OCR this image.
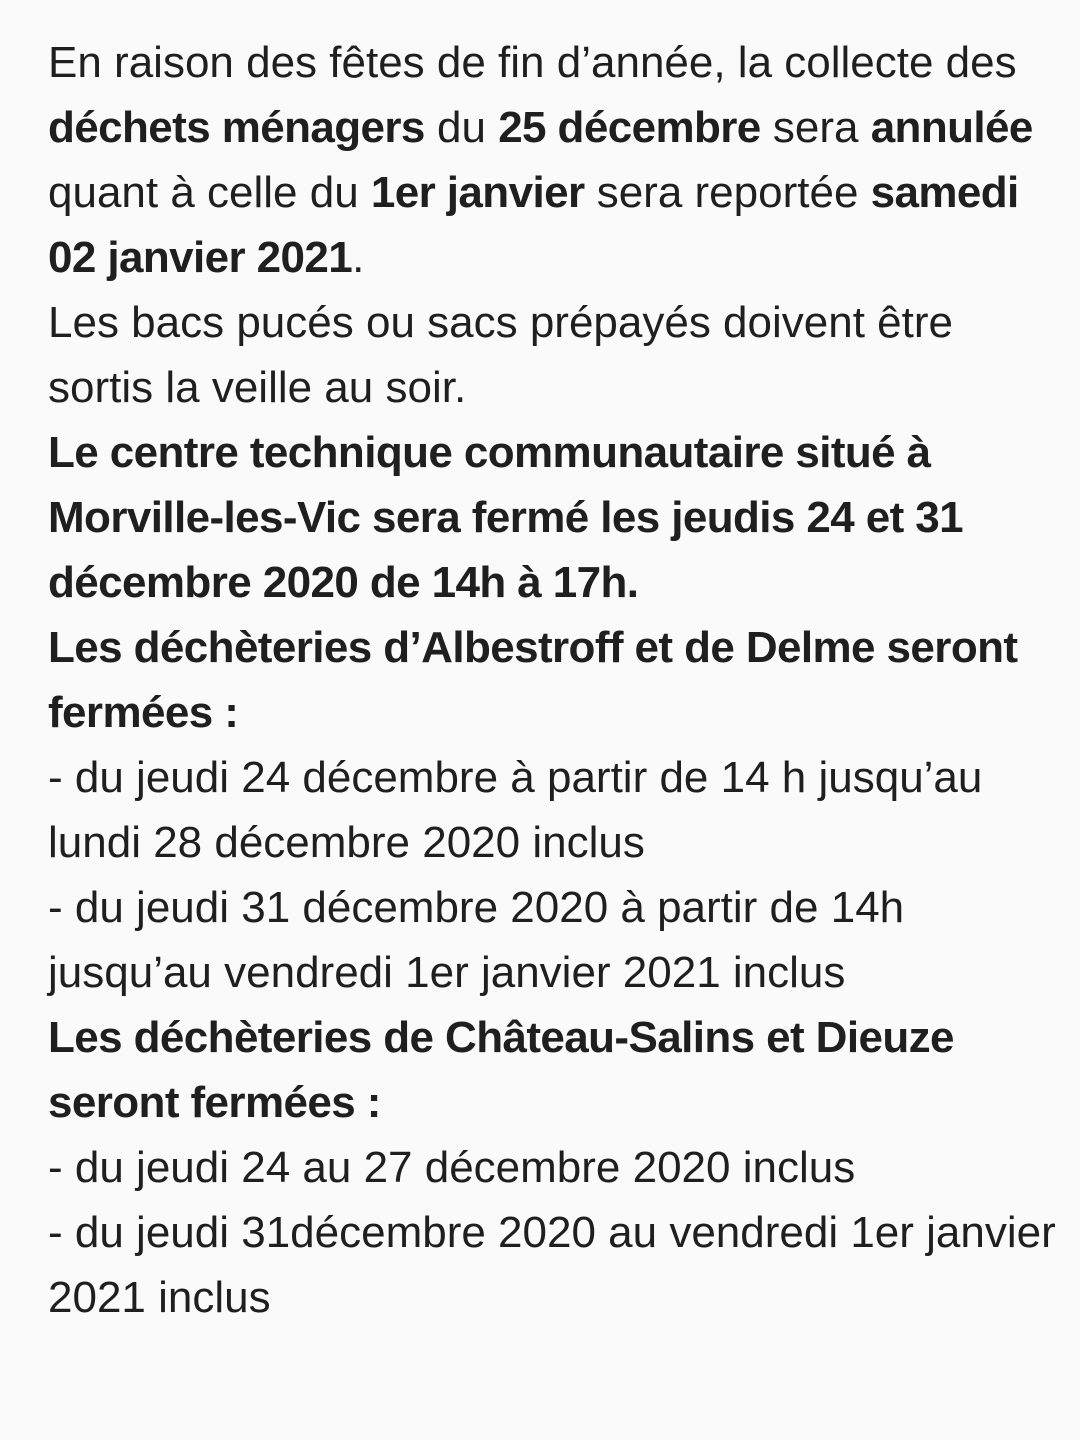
En raison des fêtes de fin d’année, la collecte des déchets ménagers du 25 décembre sera annulée quant à celle du 1er janvier sera reportée samedi 02 janvier 2021.

Les bacs pucés ou sacs prépayés doivent être sortis la veille au soir.

Le centre technique communautaire situé à Morville-les-Vic sera fermé les jeudis 24 et 31 décembre 2020 de 14h à 17h.

Les déchèteries d’Albestroff et de Delme seront fermées :

- du jeudi 24 décembre à partir de 14 h jusqu’au lundi 28 décembre 2020 inclus

- du jeudi 31 décembre 2020 à partir de 14h jusqu’au vendredi 1er janvier 2021 inclus

Les déchèteries de Château-Salins et Dieuze seront fermées :

- du jeudi 24 au 27 décembre 2020 inclus

- du jeudi 31décembre 2020 au vendredi 1er janvier 2021 inclus
